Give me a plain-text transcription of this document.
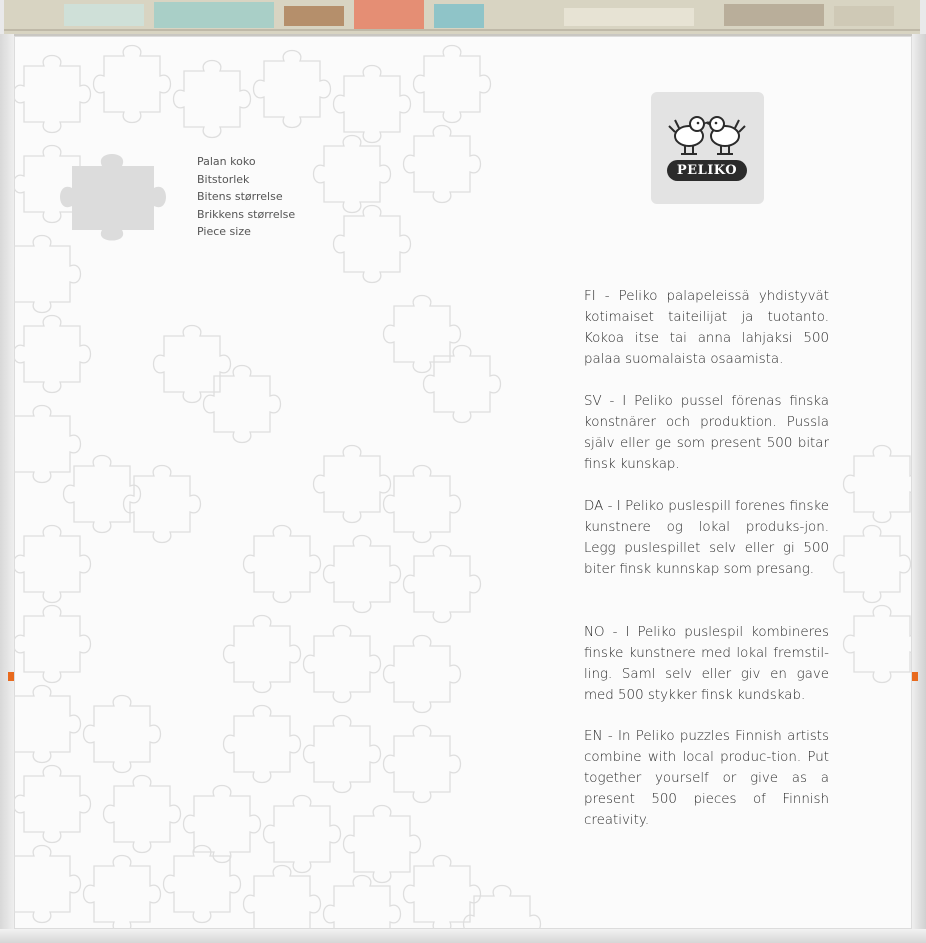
Palan koko
Bitstorlek
Bitens størrelse
Brikkens størrelse
Piece size
PELIKO
FI - Peliko palapeleissä yhdistyvät kotimaiset taiteilijat ja tuotanto. Kokoa itse tai anna lahjaksi 500 palaa suomalaista osaamista.
SV - I Peliko pussel förenas finska konstnärer och produktion. Pussla själv eller ge som present 500 bitar finsk kunskap.
DA - I Peliko puslespill forenes finske kunstnere og lokal produks-jon. Legg puslespillet selv eller gi 500 biter finsk kunnskap som presang.
NO - I Peliko puslespil kombineres finske kunstnere med lokal fremstil-ling. Saml selv eller giv en gave med 500 stykker finsk kundskab.
EN - In Peliko puzzles Finnish artists combine with local produc-tion. Put together yourself or give as a present 500 pieces of Finnish creativity.
